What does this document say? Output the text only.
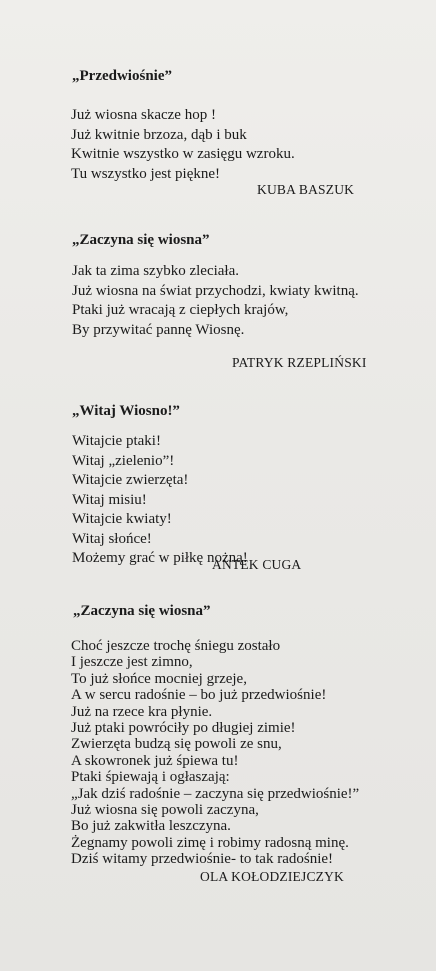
„Przedwiośnie”
Już wiosna skacze hop !
Już kwitnie brzoza, dąb i buk
Kwitnie wszystko w zasięgu wzroku.
Tu wszystko jest piękne!
KUBA BASZUK
„Zaczyna się wiosna”
Jak ta zima szybko zleciała.
Już wiosna na świat przychodzi, kwiaty kwitną.
Ptaki już wracają z ciepłych krajów,
By przywitać pannę Wiosnę.
PATRYK RZEPLIŃSKI
„Witaj Wiosno!”
Witajcie ptaki!
Witaj „zielenio”!
Witajcie zwierzęta!
Witaj misiu!
Witajcie kwiaty!
Witaj słońce!
Możemy grać w piłkę nożną!
ANTEK CUGA
„Zaczyna się wiosna”
Choć jeszcze trochę śniegu zostało
I jeszcze jest zimno,
To już słońce mocniej grzeje,
A w sercu radośnie – bo już przedwiośnie!
Już na rzece kra płynie.
Już ptaki powróciły po długiej zimie!
Zwierzęta budzą się powoli ze snu,
A skowronek już śpiewa tu!
Ptaki śpiewają i ogłaszają:
„Jak dziś radośnie – zaczyna się przedwiośnie!”
Już wiosna się powoli zaczyna,
Bo już zakwitła leszczyna.
Żegnamy powoli zimę i robimy radosną minę.
Dziś witamy przedwiośnie- to tak radośnie!
OLA KOŁODZIEJCZYK
